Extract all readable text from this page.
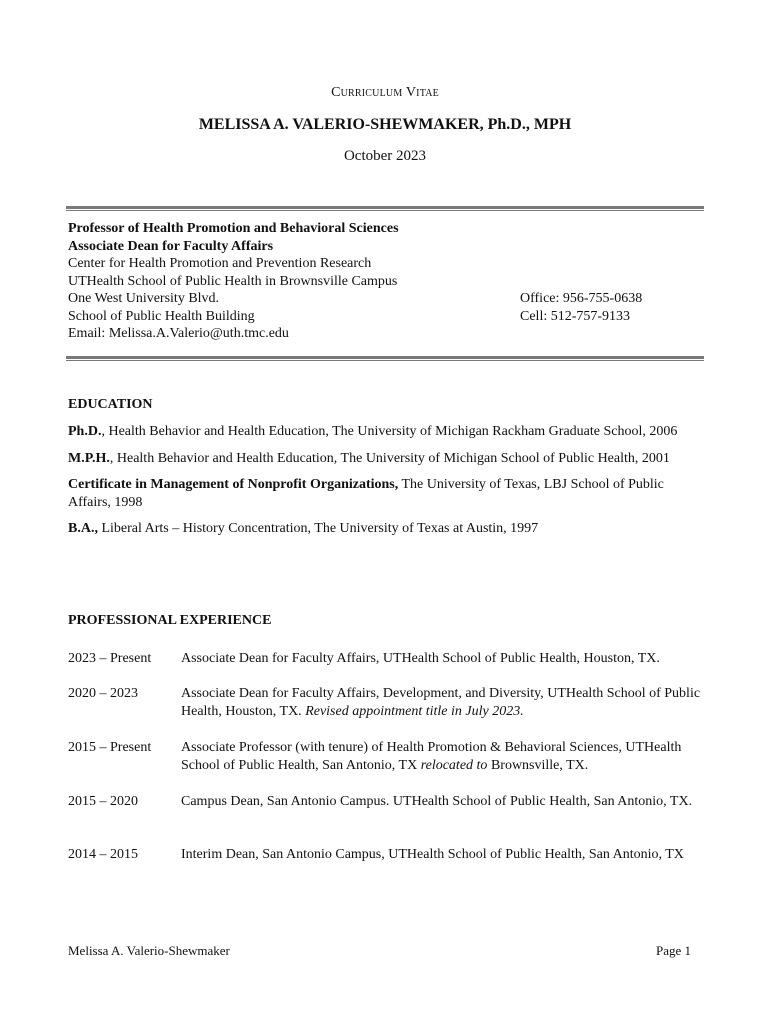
Curriculum Vitae
MELISSA A. VALERIO-SHEWMAKER, Ph.D., MPH
October 2023
Professor of Health Promotion and Behavioral Sciences
Associate Dean for Faculty Affairs
Center for Health Promotion and Prevention Research
UTHealth School of Public Health in Brownsville Campus
One West University Blvd.
School of Public Health Building
Email: Melissa.A.Valerio@uth.tmc.edu
Office: 956-755-0638
Cell: 512-757-9133
EDUCATION
Ph.D., Health Behavior and Health Education, The University of Michigan Rackham Graduate School, 2006
M.P.H., Health Behavior and Health Education, The University of Michigan School of Public Health, 2001
Certificate in Management of Nonprofit Organizations, The University of Texas, LBJ School of Public Affairs, 1998
B.A., Liberal Arts – History Concentration, The University of Texas at Austin, 1997
PROFESSIONAL EXPERIENCE
2023 – Present	Associate Dean for Faculty Affairs, UTHealth School of Public Health, Houston, TX.
2020 – 2023	Associate Dean for Faculty Affairs, Development, and Diversity, UTHealth School of Public Health, Houston, TX. Revised appointment title in July 2023.
2015 – Present	Associate Professor (with tenure) of Health Promotion & Behavioral Sciences, UTHealth School of Public Health, San Antonio, TX relocated to Brownsville, TX.
2015 – 2020	Campus Dean, San Antonio Campus. UTHealth School of Public Health, San Antonio, TX.
2014 – 2015	Interim Dean, San Antonio Campus, UTHealth School of Public Health, San Antonio, TX
Melissa A. Valerio-Shewmaker	Page 1
